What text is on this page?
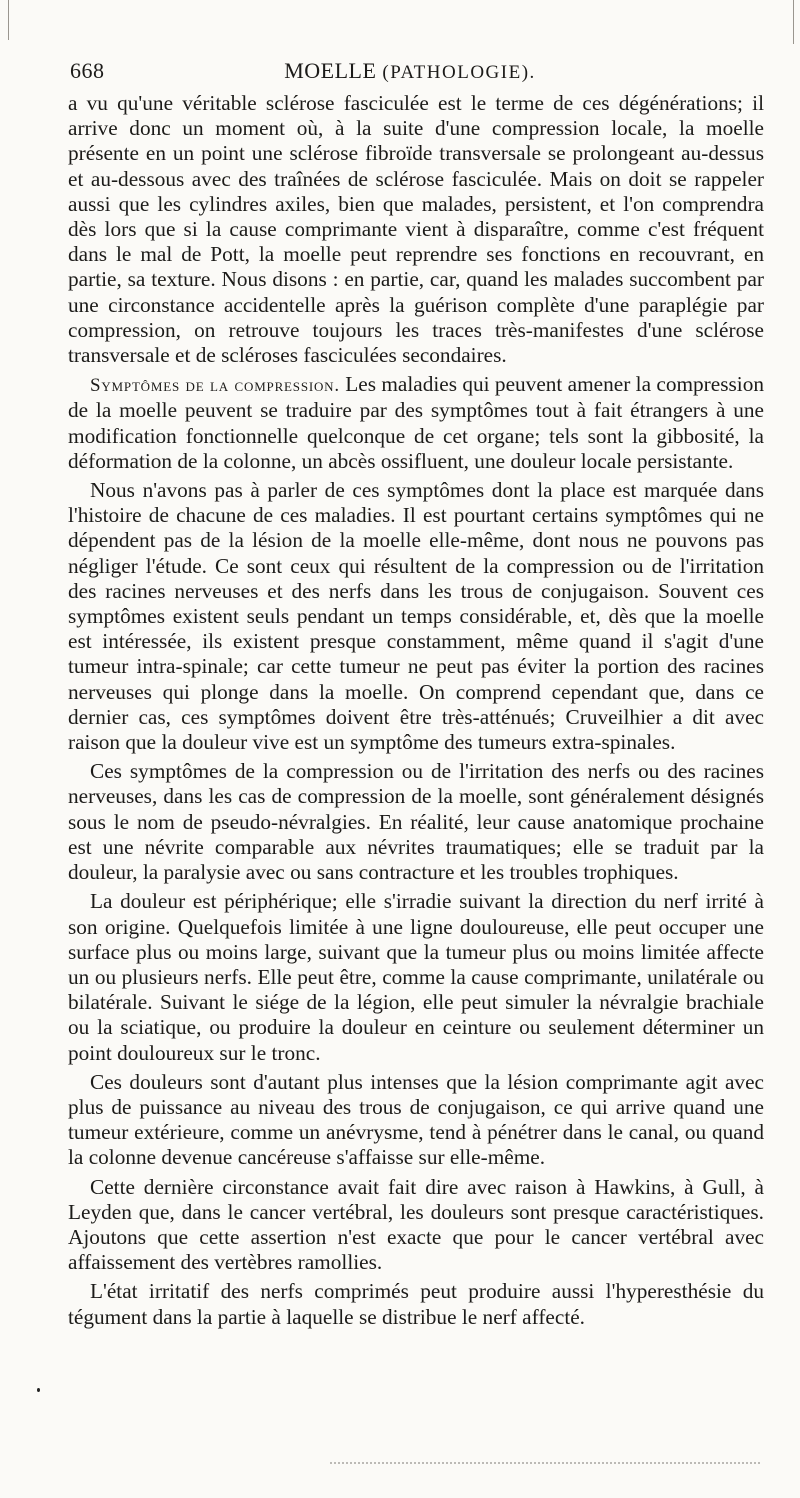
668	MOELLE (PATHOLOGIE).

a vu qu'une véritable sclérose fasciculée est le terme de ces dégénérations; il arrive donc un moment où, à la suite d'une compression locale, la moelle présente en un point une sclérose fibroïde transversale se prolongeant au-dessus et au-dessous avec des traînées de sclérose fasciculée. Mais on doit se rappeler aussi que les cylindres axiles, bien que malades, persistent, et l'on comprendra dès lors que si la cause comprimante vient à disparaître, comme c'est fréquent dans le mal de Pott, la moelle peut reprendre ses fonctions en recouvrant, en partie, sa texture. Nous disons : en partie, car, quand les malades succombent par une circonstance accidentelle après la guérison complète d'une paraplégie par compression, on retrouve toujours les traces très-manifestes d'une sclérose transversale et de scléroses fasciculées secondaires.

Symptômes de la compression. Les maladies qui peuvent amener la compression de la moelle peuvent se traduire par des symptômes tout à fait étrangers à une modification fonctionnelle quelconque de cet organe; tels sont la gibbosité, la déformation de la colonne, un abcès ossifluent, une douleur locale persistante.

Nous n'avons pas à parler de ces symptômes dont la place est marquée dans l'histoire de chacune de ces maladies. Il est pourtant certains symptômes qui ne dépendent pas de la lésion de la moelle elle-même, dont nous ne pouvons pas négliger l'étude. Ce sont ceux qui résultent de la compression ou de l'irritation des racines nerveuses et des nerfs dans les trous de conjugaison. Souvent ces symptômes existent seuls pendant un temps considérable, et, dès que la moelle est intéressée, ils existent presque constamment, même quand il s'agit d'une tumeur intra-spinale; car cette tumeur ne peut pas éviter la portion des racines nerveuses qui plonge dans la moelle. On comprend cependant que, dans ce dernier cas, ces symptômes doivent être très-atténués; Cruveilhier a dit avec raison que la douleur vive est un symptôme des tumeurs extra-spinales.

Ces symptômes de la compression ou de l'irritation des nerfs ou des racines nerveuses, dans les cas de compression de la moelle, sont généralement désignés sous le nom de pseudo-névralgies. En réalité, leur cause anatomique prochaine est une névrite comparable aux névrites traumatiques; elle se traduit par la douleur, la paralysie avec ou sans contracture et les troubles trophiques.

La douleur est périphérique; elle s'irradie suivant la direction du nerf irrité à son origine. Quelquefois limitée à une ligne douloureuse, elle peut occuper une surface plus ou moins large, suivant que la tumeur plus ou moins limitée affecte un ou plusieurs nerfs. Elle peut être, comme la cause comprimante, unilatérale ou bilatérale. Suivant le siége de la légion, elle peut simuler la névralgie brachiale ou la sciatique, ou produire la douleur en ceinture ou seulement déterminer un point douloureux sur le tronc.

Ces douleurs sont d'autant plus intenses que la lésion comprimante agit avec plus de puissance au niveau des trous de conjugaison, ce qui arrive quand une tumeur extérieure, comme un anévrysme, tend à pénétrer dans le canal, ou quand la colonne devenue cancéreuse s'affaisse sur elle-même.

Cette dernière circonstance avait fait dire avec raison à Hawkins, à Gull, à Leyden que, dans le cancer vertébral, les douleurs sont presque caractéristiques. Ajoutons que cette assertion n'est exacte que pour le cancer vertébral avec affaissement des vertèbres ramollies.

L'état irritatif des nerfs comprimés peut produire aussi l'hyperesthésie du tégument dans la partie à laquelle se distribue le nerf affecté.
